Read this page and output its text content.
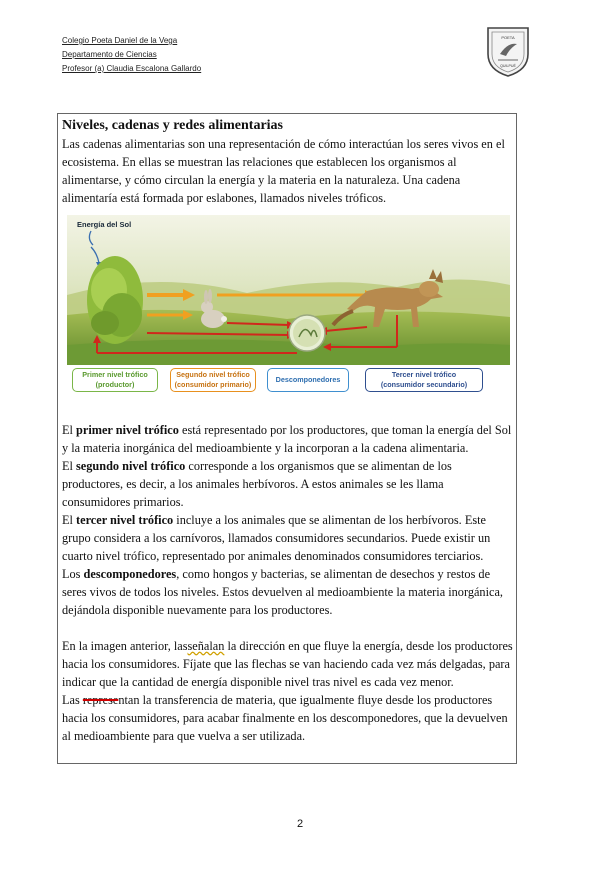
Colegio Poeta Daniel de la Vega
Departamento de Ciencias
Profesor (a) Claudia Escalona Gallardo
POETA
QUILPUÉ
Niveles, cadenas y redes alimentarias

Las cadenas alimentarias son una representación de cómo interactúan los seres vivos en el ecosistema. En ellas se muestran las relaciones que establecen los organismos al alimentarse, y cómo circulan la energía y la materia en la naturaleza. Una cadena alimentaría está formada por eslabones, llamados niveles tróficos.

Energía del Sol
Primer nivel trófico
(productor)
Segundo nivel trófico
(consumidor primario)
Descomponedores
Tercer nivel trófico
(consumidor secundario)

El primer nivel trófico está representado por los productores, que toman la energía del Sol y la materia inorgánica del medioambiente y la incorporan a la cadena alimentaria.

El segundo nivel trófico corresponde a los organismos que se alimentan de los productores, es decir, a los animales herbívoros. A estos animales se les llama consumidores primarios.

El tercer nivel trófico incluye a los animales que se alimentan de los herbívoros. Este grupo considera a los carnívoros, llamados consumidores secundarios. Puede existir un cuarto nivel trófico, representado por animales denominados consumidores terciarios.

Los descomponedores, como hongos y bacterias, se alimentan de desechos y restos de seres vivos de todos los niveles. Estos devuelven al medioambiente la materia inorgánica, dejándola disponible nuevamente para los productores.

En la imagen anterior, lasseñalan la dirección en que fluye la energía, desde los productores hacia los consumidores. Fíjate que las flechas se van haciendo cada vez más delgadas, para indicar que la cantidad de energía disponible nivel tras nivel es cada vez menor.

Las representan la transferencia de materia, que igualmente fluye desde los productores hacia los consumidores, para acabar finalmente en los descomponedores, que la devuelven al medioambiente para que vuelva a ser utilizada.

2
